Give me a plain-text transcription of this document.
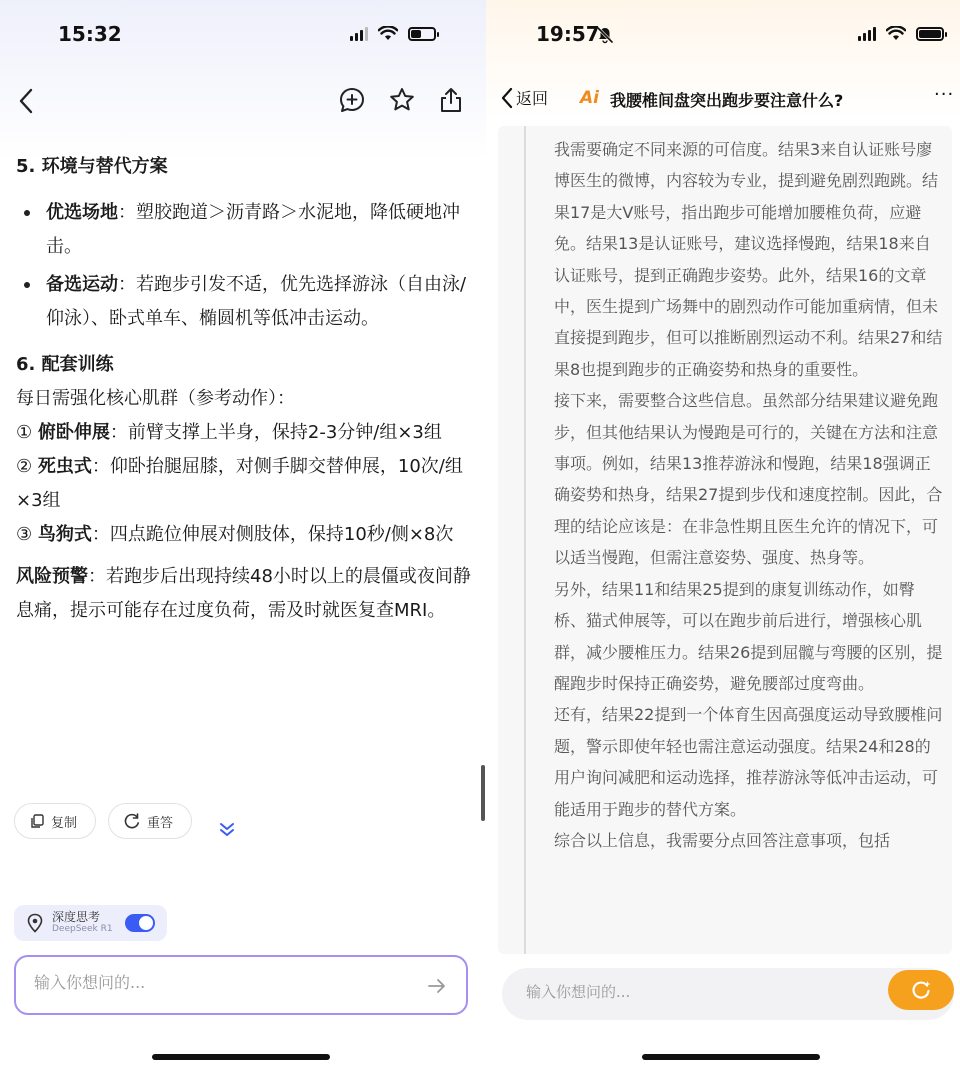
15:32
5. 环境与替代方案
优选场地：塑胶跑道＞沥青路＞水泥地，降低硬地冲击。
备选运动：若跑步引发不适，优先选择游泳（自由泳/仰泳）、卧式单车、椭圆机等低冲击运动。
6. 配套训练
每日需强化核心肌群（参考动作）：
① 俯卧伸展：前臂支撑上半身，保持2-3分钟/组×3组
② 死虫式：仰卧抬腿屈膝，对侧手脚交替伸展，10次/组×3组
③ 鸟狗式：四点跪位伸展对侧肢体，保持10秒/侧×8次
风险预警：若跑步后出现持续48小时以上的晨僵或夜间静息痛，提示可能存在过度负荷，需及时就医复查MRI。
复制	重答
深度思考
DeepSeek R1
输入你想问的...
19:57
返回 Ai 我腰椎间盘突出跑步要注意什么?	···

我需要确定不同来源的可信度。结果3来自认证账号廖博医生的微博，内容较为专业，提到避免剧烈跑跳。结果17是大V账号，指出跑步可能增加腰椎负荷，应避免。结果13是认证账号，建议选择慢跑，结果18来自认证账号，提到正确跑步姿势。此外，结果16的文章中，医生提到广场舞中的剧烈动作可能加重病情，但未直接提到跑步，但可以推断剧烈运动不利。结果27和结果8也提到跑步的正确姿势和热身的重要性。

接下来，需要整合这些信息。虽然部分结果建议避免跑步，但其他结果认为慢跑是可行的，关键在方法和注意事项。例如，结果13推荐游泳和慢跑，结果18强调正确姿势和热身，结果27提到步伐和速度控制。因此，合理的结论应该是：在非急性期且医生允许的情况下，可以适当慢跑，但需注意姿势、强度、热身等。

另外，结果11和结果25提到的康复训练动作，如臀桥、猫式伸展等，可以在跑步前后进行，增强核心肌群，减少腰椎压力。结果26提到屈髋与弯腰的区别，提醒跑步时保持正确姿势，避免腰部过度弯曲。

还有，结果22提到一个体育生因高强度运动导致腰椎问题，警示即使年轻也需注意运动强度。结果24和28的用户询问减肥和运动选择，推荐游泳等低冲击运动，可能适用于跑步的替代方案。

综合以上信息，我需要分点回答注意事项，包括

输入你想问的...
